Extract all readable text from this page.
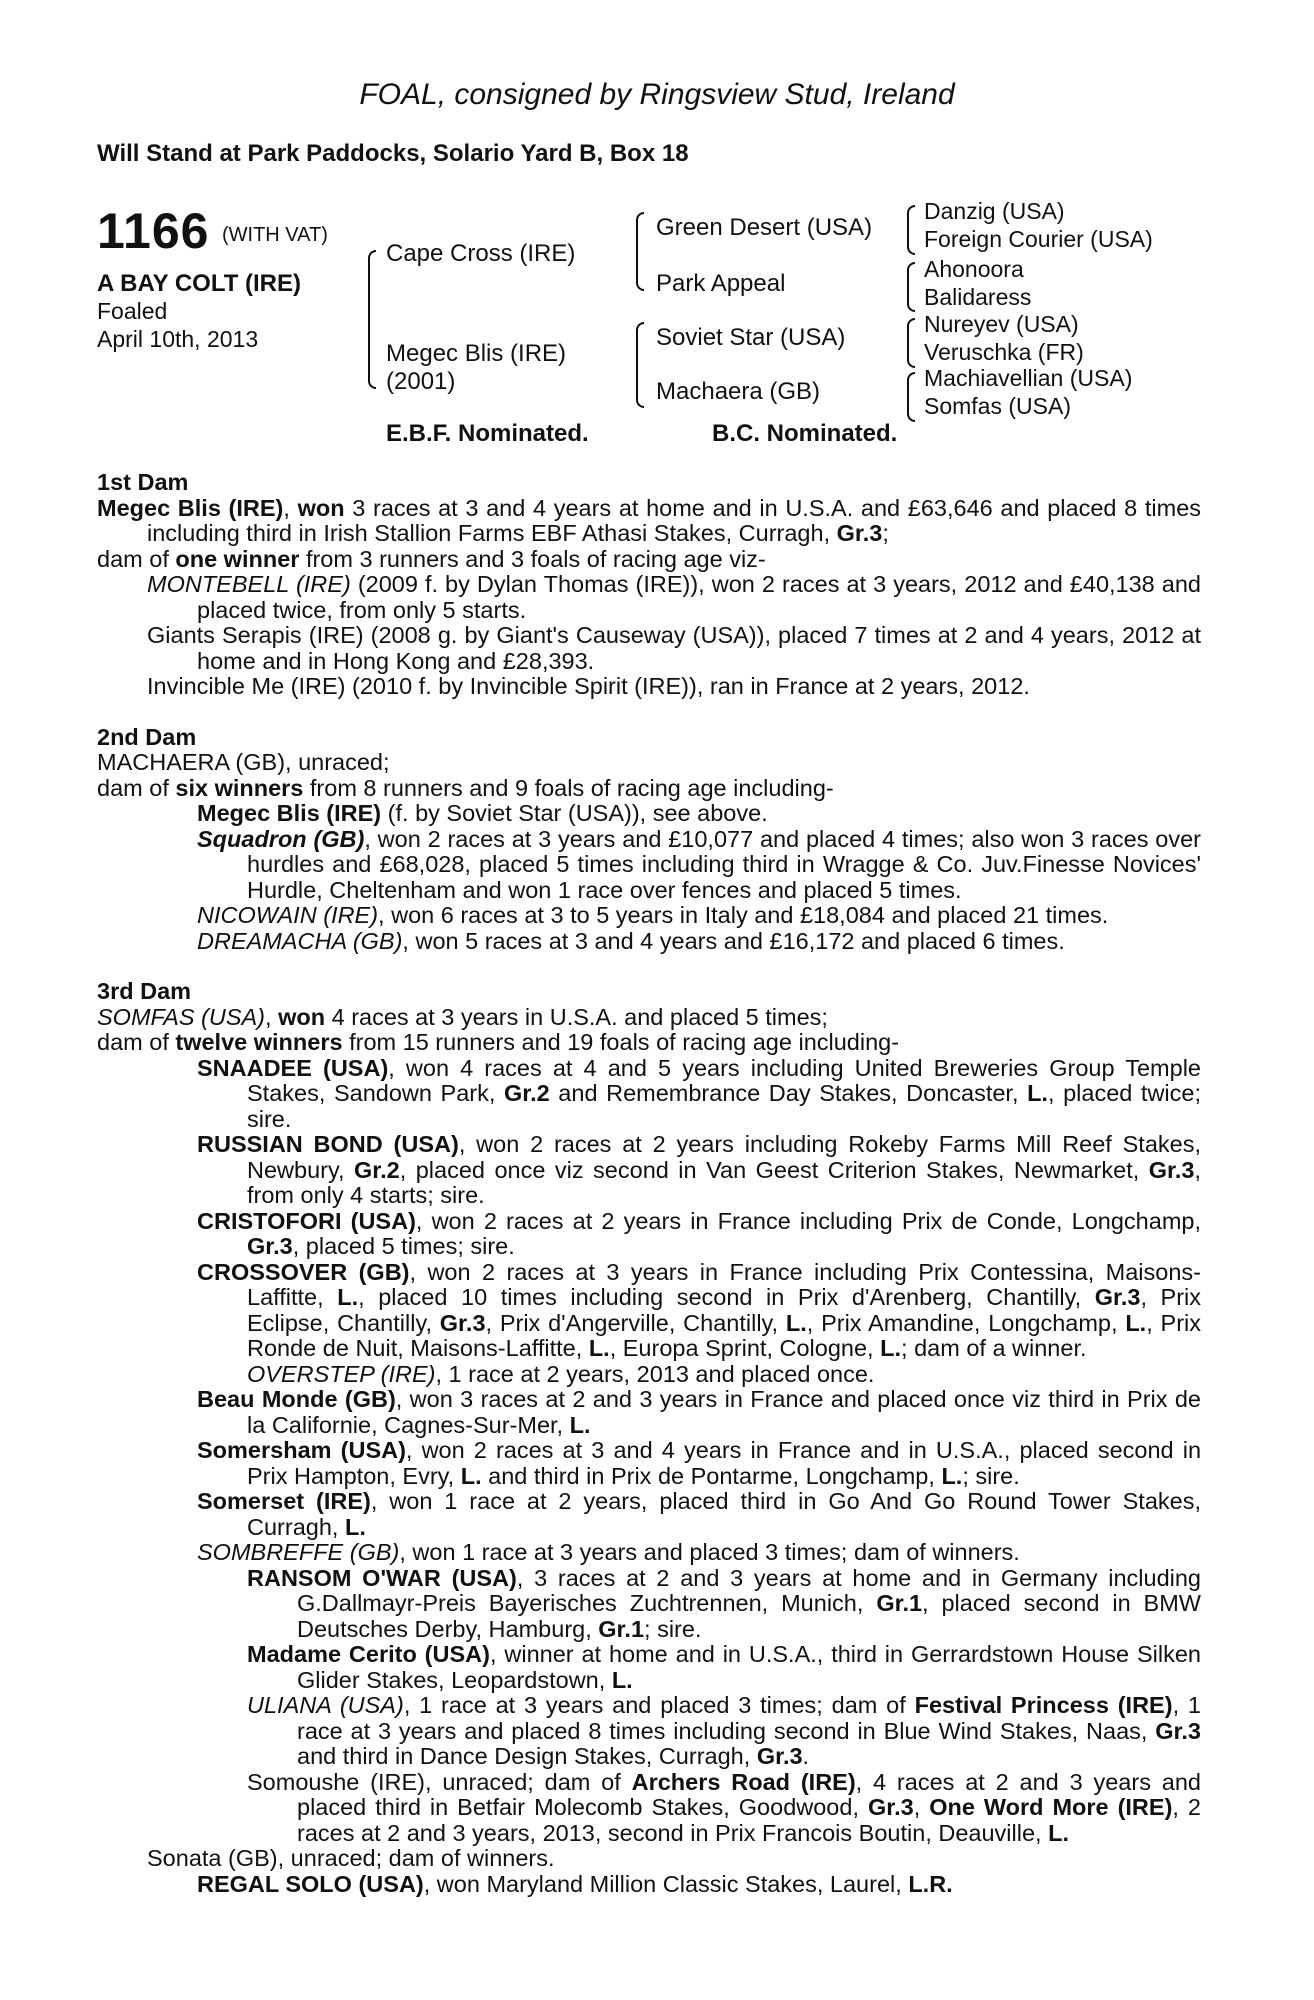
FOAL, consigned by Ringsview Stud, Ireland
Will Stand at Park Paddocks, Solario Yard B, Box 18
1166 (WITH VAT)
A BAY COLT (IRE)
Foaled
April 10th, 2013
Cape Cross (IRE)
Megec Blis (IRE)
(2001)
Green Desert (USA)
Park Appeal
Soviet Star (USA)
Machaera (GB)
Danzig (USA)
Foreign Courier (USA)
Ahonoora
Balidaress
Nureyev (USA)
Veruschka (FR)
Machiavellian (USA)
Somfas (USA)
E.B.F. Nominated.	B.C. Nominated.

1st Dam

Megec Blis (IRE), won 3 races at 3 and 4 years at home and in U.S.A. and £63,646 and placed 8 times including third in Irish Stallion Farms EBF Athasi Stakes, Curragh, Gr.3;

dam of one winner from 3 runners and 3 foals of racing age viz-

MONTEBELL (IRE) (2009 f. by Dylan Thomas (IRE)), won 2 races at 3 years, 2012 and £40,138 and placed twice, from only 5 starts.

Giants Serapis (IRE) (2008 g. by Giant's Causeway (USA)), placed 7 times at 2 and 4 years, 2012 at home and in Hong Kong and £28,393.

Invincible Me (IRE) (2010 f. by Invincible Spirit (IRE)), ran in France at 2 years, 2012.

2nd Dam

MACHAERA (GB), unraced;

dam of six winners from 8 runners and 9 foals of racing age including-

Megec Blis (IRE) (f. by Soviet Star (USA)), see above.

Squadron (GB), won 2 races at 3 years and £10,077 and placed 4 times; also won 3 races over hurdles and £68,028, placed 5 times including third in Wragge & Co. Juv.Finesse Novices' Hurdle, Cheltenham and won 1 race over fences and placed 5 times.

NICOWAIN (IRE), won 6 races at 3 to 5 years in Italy and £18,084 and placed 21 times.

DREAMACHA (GB), won 5 races at 3 and 4 years and £16,172 and placed 6 times.

3rd Dam

SOMFAS (USA), won 4 races at 3 years in U.S.A. and placed 5 times;

dam of twelve winners from 15 runners and 19 foals of racing age including-

SNAADEE (USA), won 4 races at 4 and 5 years including United Breweries Group Temple Stakes, Sandown Park, Gr.2 and Remembrance Day Stakes, Doncaster, L., placed twice; sire.

RUSSIAN BOND (USA), won 2 races at 2 years including Rokeby Farms Mill Reef Stakes, Newbury, Gr.2, placed once viz second in Van Geest Criterion Stakes, Newmarket, Gr.3, from only 4 starts; sire.

CRISTOFORI (USA), won 2 races at 2 years in France including Prix de Conde, Longchamp, Gr.3, placed 5 times; sire.

CROSSOVER (GB), won 2 races at 3 years in France including Prix Contessina, Maisons-Laffitte, L., placed 10 times including second in Prix d'Arenberg, Chantilly, Gr.3, Prix Eclipse, Chantilly, Gr.3, Prix d'Angerville, Chantilly, L., Prix Amandine, Longchamp, L., Prix Ronde de Nuit, Maisons-Laffitte, L., Europa Sprint, Cologne, L.; dam of a winner.

OVERSTEP (IRE), 1 race at 2 years, 2013 and placed once.

Beau Monde (GB), won 3 races at 2 and 3 years in France and placed once viz third in Prix de la Californie, Cagnes-Sur-Mer, L.

Somersham (USA), won 2 races at 3 and 4 years in France and in U.S.A., placed second in Prix Hampton, Evry, L. and third in Prix de Pontarme, Longchamp, L.; sire.

Somerset (IRE), won 1 race at 2 years, placed third in Go And Go Round Tower Stakes, Curragh, L.

SOMBREFFE (GB), won 1 race at 3 years and placed 3 times; dam of winners.

RANSOM O'WAR (USA), 3 races at 2 and 3 years at home and in Germany including G.Dallmayr-Preis Bayerisches Zuchtrennen, Munich, Gr.1, placed second in BMW Deutsches Derby, Hamburg, Gr.1; sire.

Madame Cerito (USA), winner at home and in U.S.A., third in Gerrardstown House Silken Glider Stakes, Leopardstown, L.

ULIANA (USA), 1 race at 3 years and placed 3 times; dam of Festival Princess (IRE), 1 race at 3 years and placed 8 times including second in Blue Wind Stakes, Naas, Gr.3 and third in Dance Design Stakes, Curragh, Gr.3.

Somoushe (IRE), unraced; dam of Archers Road (IRE), 4 races at 2 and 3 years and placed third in Betfair Molecomb Stakes, Goodwood, Gr.3, One Word More (IRE), 2 races at 2 and 3 years, 2013, second in Prix Francois Boutin, Deauville, L.

Sonata (GB), unraced; dam of winners.

REGAL SOLO (USA), won Maryland Million Classic Stakes, Laurel, L.R.
